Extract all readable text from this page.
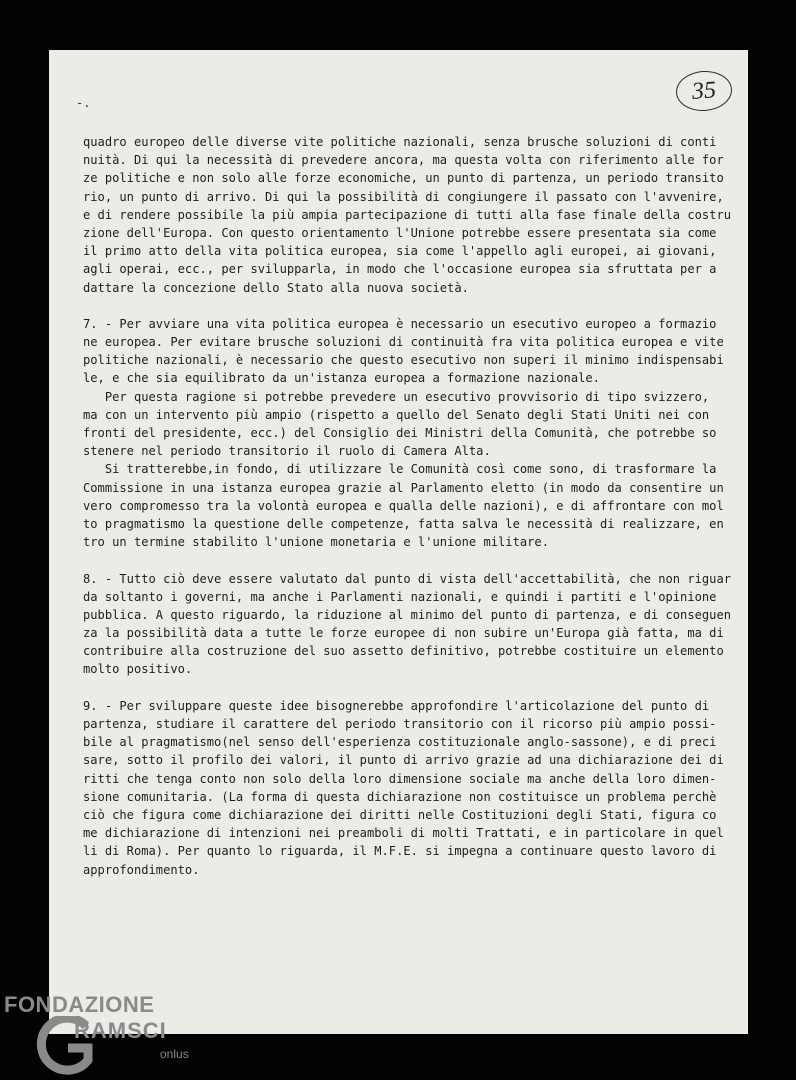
35
-.
quadro europeo delle diverse vite politiche nazionali, senza brusche soluzioni di conti
nuità. Di qui la necessità di prevedere ancora, ma questa volta con riferimento alle for
ze politiche e non solo alle forze economiche, un punto di partenza, un periodo transito
rio, un punto di arrivo. Di qui la possibilità di congiungere il passato con l'avvenire,
e di rendere possibile la più ampia partecipazione di tutti alla fase finale della costru
zione dell'Europa. Con questo orientamento l'Unione potrebbe essere presentata sia come
il primo atto della vita politica europea, sia come l'appello agli europei, ai giovani,
agli operai, ecc., per svilupparla, in modo che l'occasione europea sia sfruttata per a
dattare la concezione dello Stato alla nuova società.
7. - Per avviare una vita politica europea è necessario un esecutivo europeo a formazio
ne europea. Per evitare brusche soluzioni di continuità fra vita politica europea e vite
politiche nazionali, è necessario che questo esecutivo non superi il minimo indispensabi
le, e che sia equilibrato da un'istanza europea a formazione nazionale.
Per questa ragione si potrebbe prevedere un esecutivo provvisorio di tipo svizzero,
ma con un intervento più ampio (rispetto a quello del Senato degli Stati Uniti nei con
fronti del presidente, ecc.) del Consiglio dei Ministri della Comunità, che potrebbe so
stenere nel periodo transitorio il ruolo di Camera Alta.
Si tratterebbe,in fondo, di utilizzare le Comunità così come sono, di trasformare la
Commissione in una istanza europea grazie al Parlamento eletto (in modo da consentire un
vero compromesso tra la volontà europea e qualla delle nazioni), e di affrontare con mol
to pragmatismo la questione delle competenze, fatta salva le necessità di realizzare, en
tro un termine stabilito l'unione monetaria e l'unione militare.
8. - Tutto ciò deve essere valutato dal punto di vista dell'accettabilità, che non riguar
da soltanto i governi, ma anche i Parlamenti nazionali, e quindi i partiti e l'opinione
pubblica. A questo riguardo, la riduzione al minimo del punto di partenza, e di conseguen
za la possibilità data a tutte le forze europee di non subire un'Europa già fatta, ma di
contribuire alla costruzione del suo assetto definitivo, potrebbe costituire un elemento
molto positivo.
9. - Per sviluppare queste idee bisognerebbe approfondire l'articolazione del punto di
partenza, studiare il carattere del periodo transitorio con il ricorso più ampio possi-
bile al pragmatismo(nel senso dell'esperienza costituzionale anglo-sassone), e di preci
sare, sotto il profilo dei valori, il punto di arrivo grazie ad una dichiarazione dei di
ritti che tenga conto non solo della loro dimensione sociale ma anche della loro dimen-
sione comunitaria. (La forma di questa dichiarazione non costituisce un problema perchè
ciò che figura come dichiarazione dei diritti nelle Costituzioni degli Stati, figura co
me dichiarazione di intenzioni nei preamboli di molti Trattati, e in particolare in quel
li di Roma). Per quanto lo riguarda, il M.F.E. si impegna a continuare questo lavoro di
approfondimento.
FONDAZIONE
RAMSCI
onlus
